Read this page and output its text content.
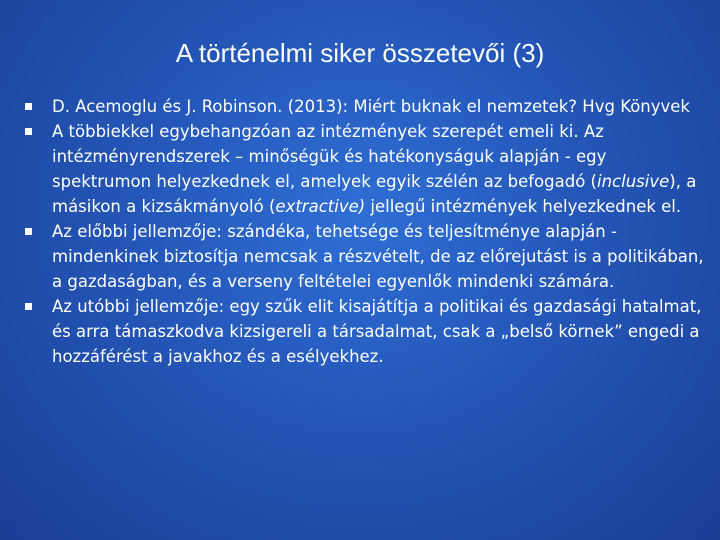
A történelmi siker összetevői (3)
D. Acemoglu és J. Robinson. (2013): Miért buknak el nemzetek? Hvg Könyvek
A többiekkel egybehangzóan az intézmények szerepét emeli ki. Az intézményrendszerek – minőségük és hatékonyságuk alapján - egy spektrumon helyezkednek el, amelyek egyik szélén az befogadó (inclusive), a másikon a kizsákmányoló (extractive) jellegű intézmények helyezkednek el.
Az előbbi jellemzője: szándéka, tehetsége és teljesítménye alapján - mindenkinek biztosítja nemcsak a részvételt, de az előrejutást is a politikában, a gazdaságban, és a verseny feltételei egyenlők mindenki számára.
Az utóbbi jellemzője: egy szűk elit kisajátítja a politikai és gazdasági hatalmat, és arra támaszkodva kizsigereli a társadalmat, csak a „belső körnek” engedi a hozzáférést a javakhoz és a esélyekhez.
